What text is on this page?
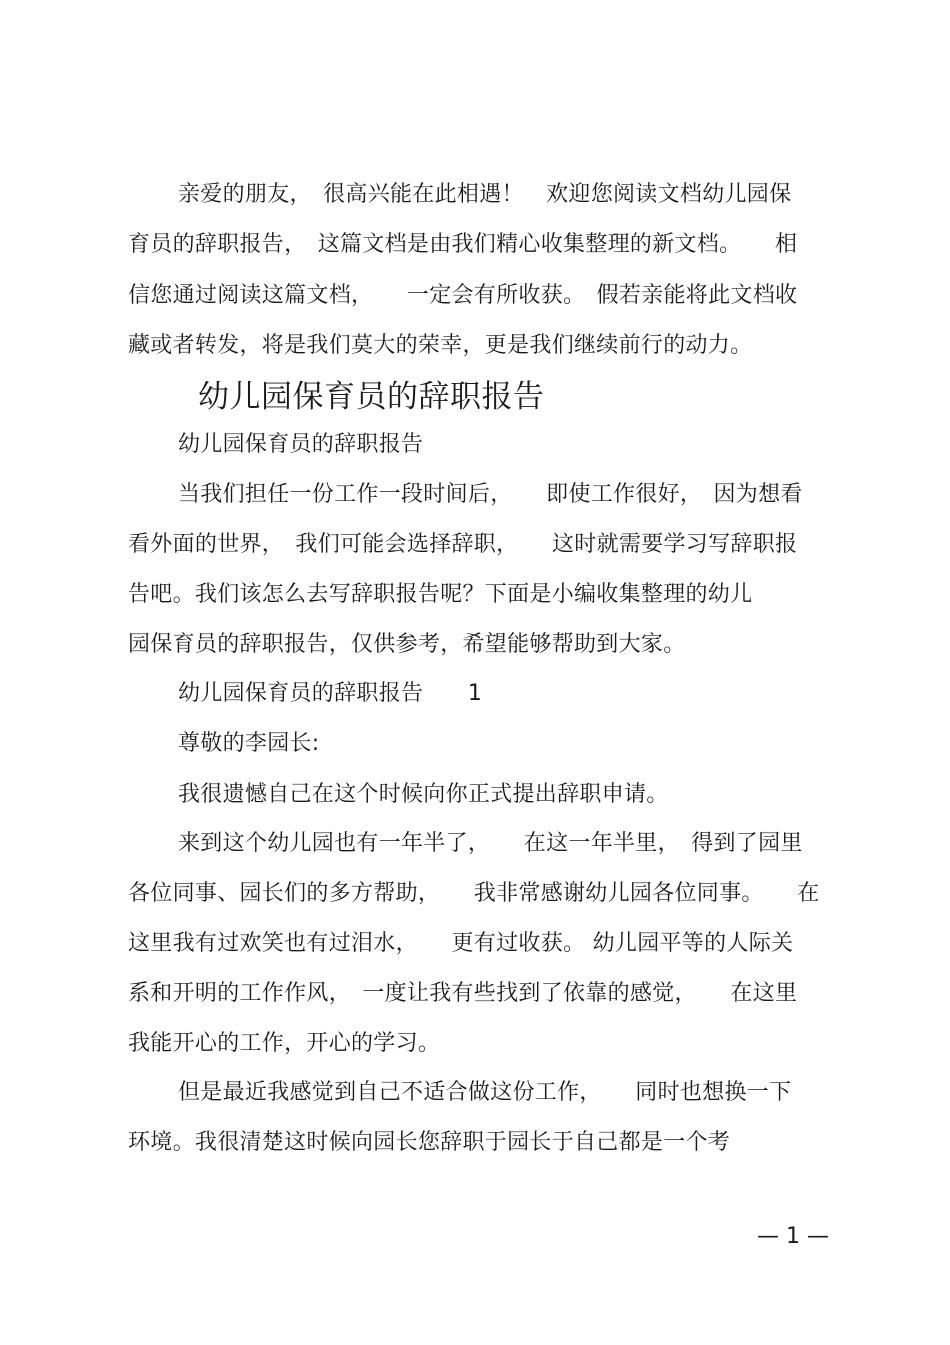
亲爱的朋友，　很高兴能在此相遇！　欢迎您阅读文档幼儿园保
育员的辞职报告，　这篇文档是由我们精心收集整理的新文档。　　相
信您通过阅读这篇文档，　　一定会有所收获。　假若亲能将此文档收
藏或者转发，将是我们莫大的荣幸，更是我们继续前行的动力。
幼儿园保育员的辞职报告
幼儿园保育员的辞职报告
当我们担任一份工作一段时间后，　　即使工作很好，　因为想看
看外面的世界，　我们可能会选择辞职，　　这时就需要学习写辞职报
告吧。我们该怎么去写辞职报告呢？下面是小编收集整理的幼儿
园保育员的辞职报告，仅供参考，希望能够帮助到大家。
幼儿园保育员的辞职报告　　1
尊敬的李园长:
我很遗憾自己在这个时候向你正式提出辞职申请。
来到这个幼儿园也有一年半了，　　在这一年半里，　得到了园里
各位同事、园长们的多方帮助，　　我非常感谢幼儿园各位同事。　　在
这里我有过欢笑也有过泪水，　　更有过收获。 幼儿园平等的人际关
系和开明的工作作风，　一度让我有些找到了依靠的感觉，　　在这里
我能开心的工作，开心的学习。
但是最近我感觉到自己不适合做这份工作，　　同时也想换一下
环境。我很清楚这时候向园长您辞职于园长于自己都是一个考
— 1 —
